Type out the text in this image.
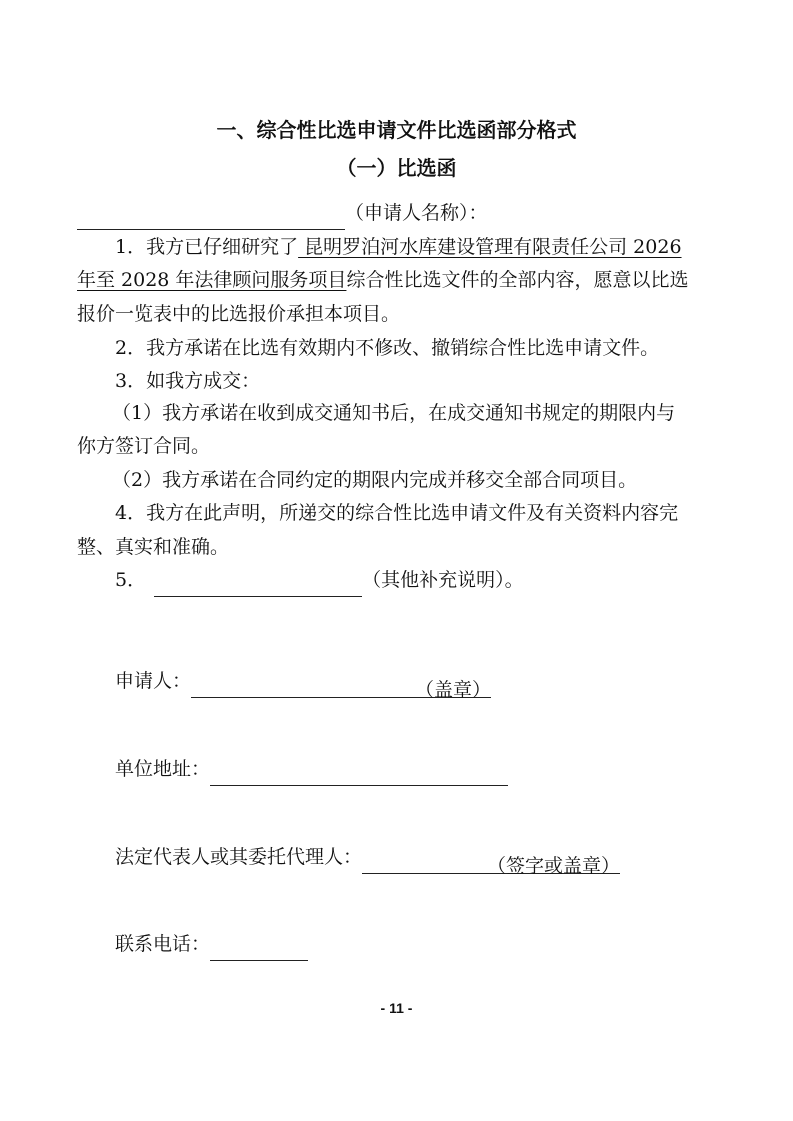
一、综合性比选申请文件比选函部分格式
（一）比选函
（申请人名称）：
1．我方已仔细研究了 昆明罗泊河水库建设管理有限责任公司 2026
年至 2028 年法律顾问服务项目综合性比选文件的全部内容，愿意以比选
报价一览表中的比选报价承担本项目。
2．我方承诺在比选有效期内不修改、撤销综合性比选申请文件。
3．如我方成交：
（1）我方承诺在收到成交通知书后，在成交通知书规定的期限内与
你方签订合同。
（2）我方承诺在合同约定的期限内完成并移交全部合同项目。
4．我方在此声明，所递交的综合性比选申请文件及有关资料内容完
整、真实和准确。
5．	（其他补充说明）。
申请人：	（盖章）
单位地址：
法定代表人或其委托代理人：	（签字或盖章）
联系电话：
- 11 -
